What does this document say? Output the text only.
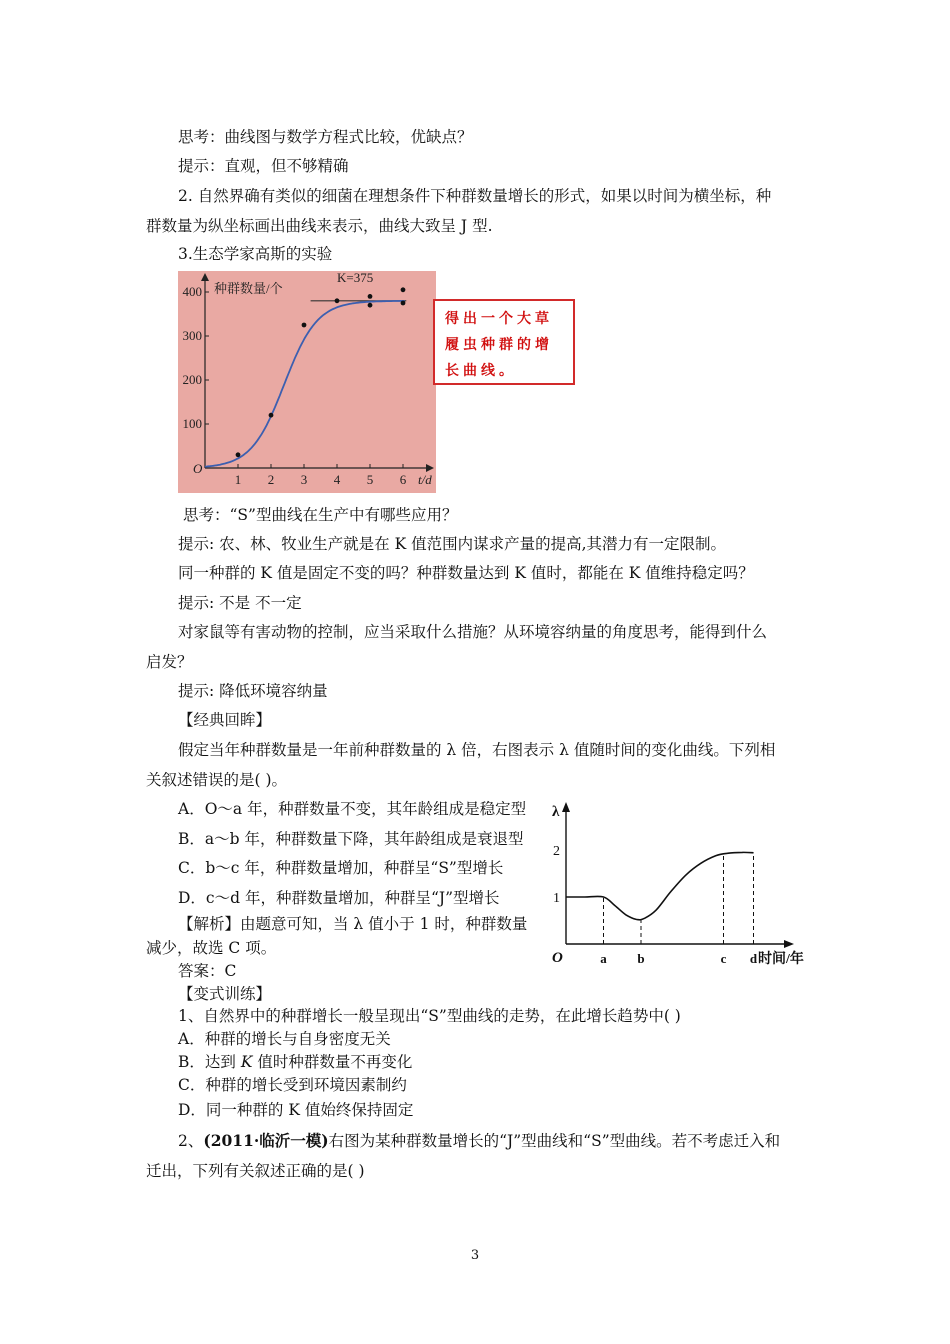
思考：曲线图与数学方程式比较，优缺点？
提示：直观，但不够精确
2. 自然界确有类似的细菌在理想条件下种群数量增长的形式，如果以时间为横坐标，种
群数量为纵坐标画出曲线来表示，曲线大致呈 J 型.
3.生态学家高斯的实验
种群数量/个
t/d
O
1 2 3 4 5 6
100
200
300
400
K=375
得出一个大草履虫种群的增长曲线。
思考：“S”型曲线在生产中有哪些应用？
提示: 农、林、牧业生产就是在 K 值范围内谋求产量的提高,其潜力有一定限制。
同一种群的 K 值是固定不变的吗？种群数量达到 K 值时，都能在 K 值维持稳定吗？
提示: 不是 不一定
对家鼠等有害动物的控制，应当采取什么措施？从环境容纳量的角度思考，能得到什么
启发？
提示: 降低环境容纳量
【经典回眸】
假定当年种群数量是一年前种群数量的 λ 倍，右图表示 λ 值随时间的变化曲线。下列相
关叙述错误的是( )。
A．O～a 年，种群数量不变，其年龄组成是稳定型
B．a～b 年，种群数量下降，其年龄组成是衰退型
C．b～c 年，种群数量增加，种群呈“S”型增长
D．c～d 年，种群数量增加，种群呈“J”型增长
【解析】由题意可知，当 λ 值小于 1 时，种群数量
减少，故选 C 项。
答案：C
λ
时间/年
O
1
2
a b	c d
【变式训练】
1、自然界中的种群增长一般呈现出“S”型曲线的走势，在此增长趋势中( )
A．种群的增长与自身密度无关
B．达到 K 值时种群数量不再变化
C．种群的增长受到环境因素制约
D．同一种群的 K 值始终保持固定
2、(2011·临沂一模)右图为某种群数量增长的“J”型曲线和“S”型曲线。若不考虑迁入和
迁出，下列有关叙述正确的是( )
3
